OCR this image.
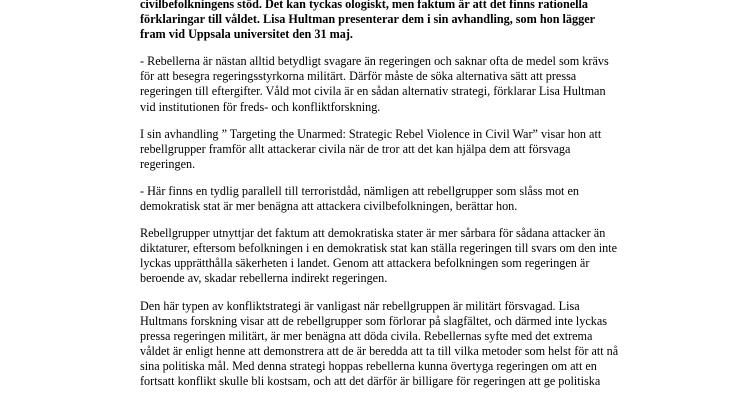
civilbefolkningens stöd. Det kan tyckas ologiskt, men faktum är att det finns rationella
förklaringar till våldet. Lisa Hultman presenterar dem i sin avhandling, som hon lägger
fram vid Uppsala universitet den 31 maj.
- Rebellerna är nästan alltid betydligt svagare än regeringen och saknar ofta de medel som krävs
för att besegra regeringsstyrkorna militärt. Därför måste de söka alternativa sätt att pressa
regeringen till eftergifter. Våld mot civila är en sådan alternativ strategi, förklarar Lisa Hultman
vid institutionen för freds- och konfliktforskning.
I sin avhandling ” Targeting the Unarmed: Strategic Rebel Violence in Civil War” visar hon att
rebellgrupper framför allt attackerar civila när de tror att det kan hjälpa dem att försvaga
regeringen.
- Här finns en tydlig parallell till terroristdåd, nämligen att rebellgrupper som slåss mot en
demokratisk stat är mer benägna att attackera civilbefolkningen, berättar hon.
Rebellgrupper utnyttjar det faktum att demokratiska stater är mer sårbara för sådana attacker än
diktaturer, eftersom befolkningen i en demokratisk stat kan ställa regeringen till svars om den inte
lyckas upprätthålla säkerheten i landet. Genom att attackera befolkningen som regeringen är
beroende av, skadar rebellerna indirekt regeringen.
Den här typen av konfliktstrategi är vanligast när rebellgruppen är militärt försvagad. Lisa
Hultmans forskning visar att de rebellgrupper som förlorar på slagfältet, och därmed inte lyckas
pressa regeringen militärt, är mer benägna att döda civila. Rebellernas syfte med det extrema
våldet är enligt henne att demonstrera att de är beredda att ta till vilka metoder som helst för att nå
sina politiska mål. Med denna strategi hoppas rebellerna kunna övertyga regeringen om att en
fortsatt konflikt skulle bli kostsam, och att det därför är billigare för regeringen att ge politiska
